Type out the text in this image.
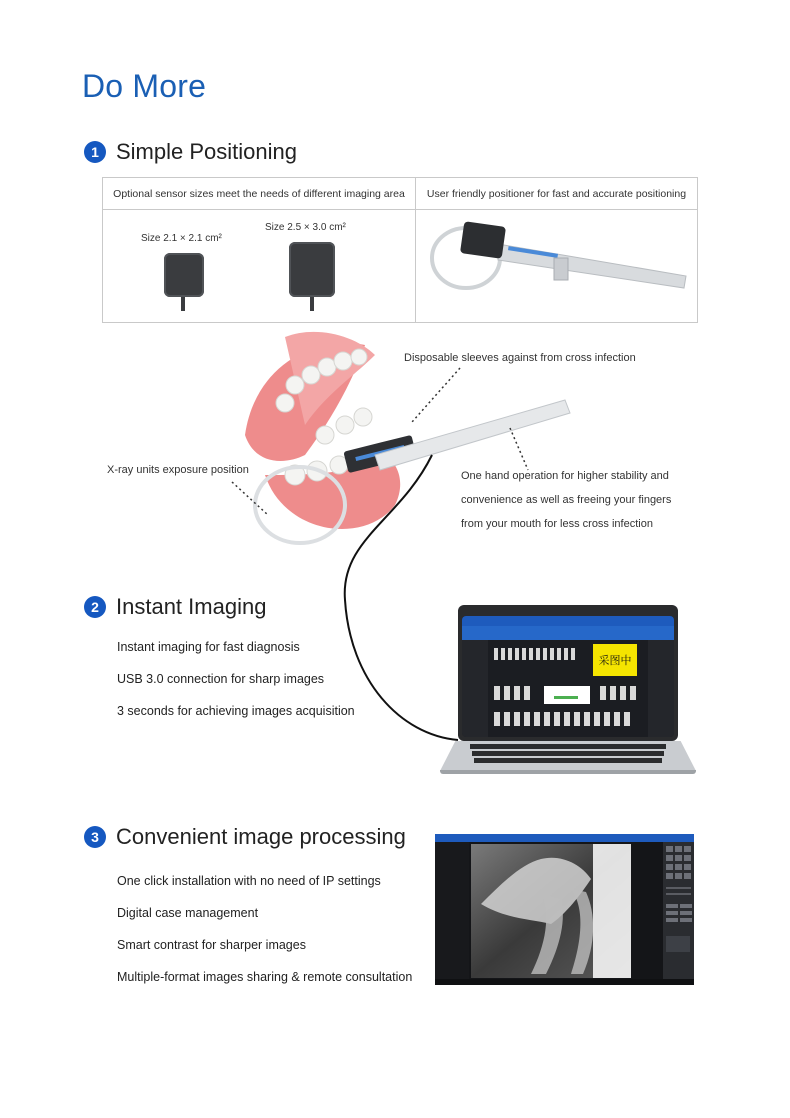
Do More
1 Simple Positioning
Optional sensor sizes meet the needs of different imaging area
Size 2.1 × 2.1 cm²
Size 2.5 × 3.0 cm²
User friendly positioner for fast and accurate positioning
Disposable sleeves against from cross infection
X-ray units exposure position	One hand operation for higher stability and
convenience as well as freeing your fingers
from your mouth for less cross infection
2 Instant Imaging
Instant imaging for fast diagnosis
USB 3.0 connection for sharp images
3 seconds for achieving images acquisition
采图中
3 Convenient image processing
One click installation with no need of IP settings
Digital case management
Smart contrast for sharper images
Multiple-format images sharing & remote consultation
